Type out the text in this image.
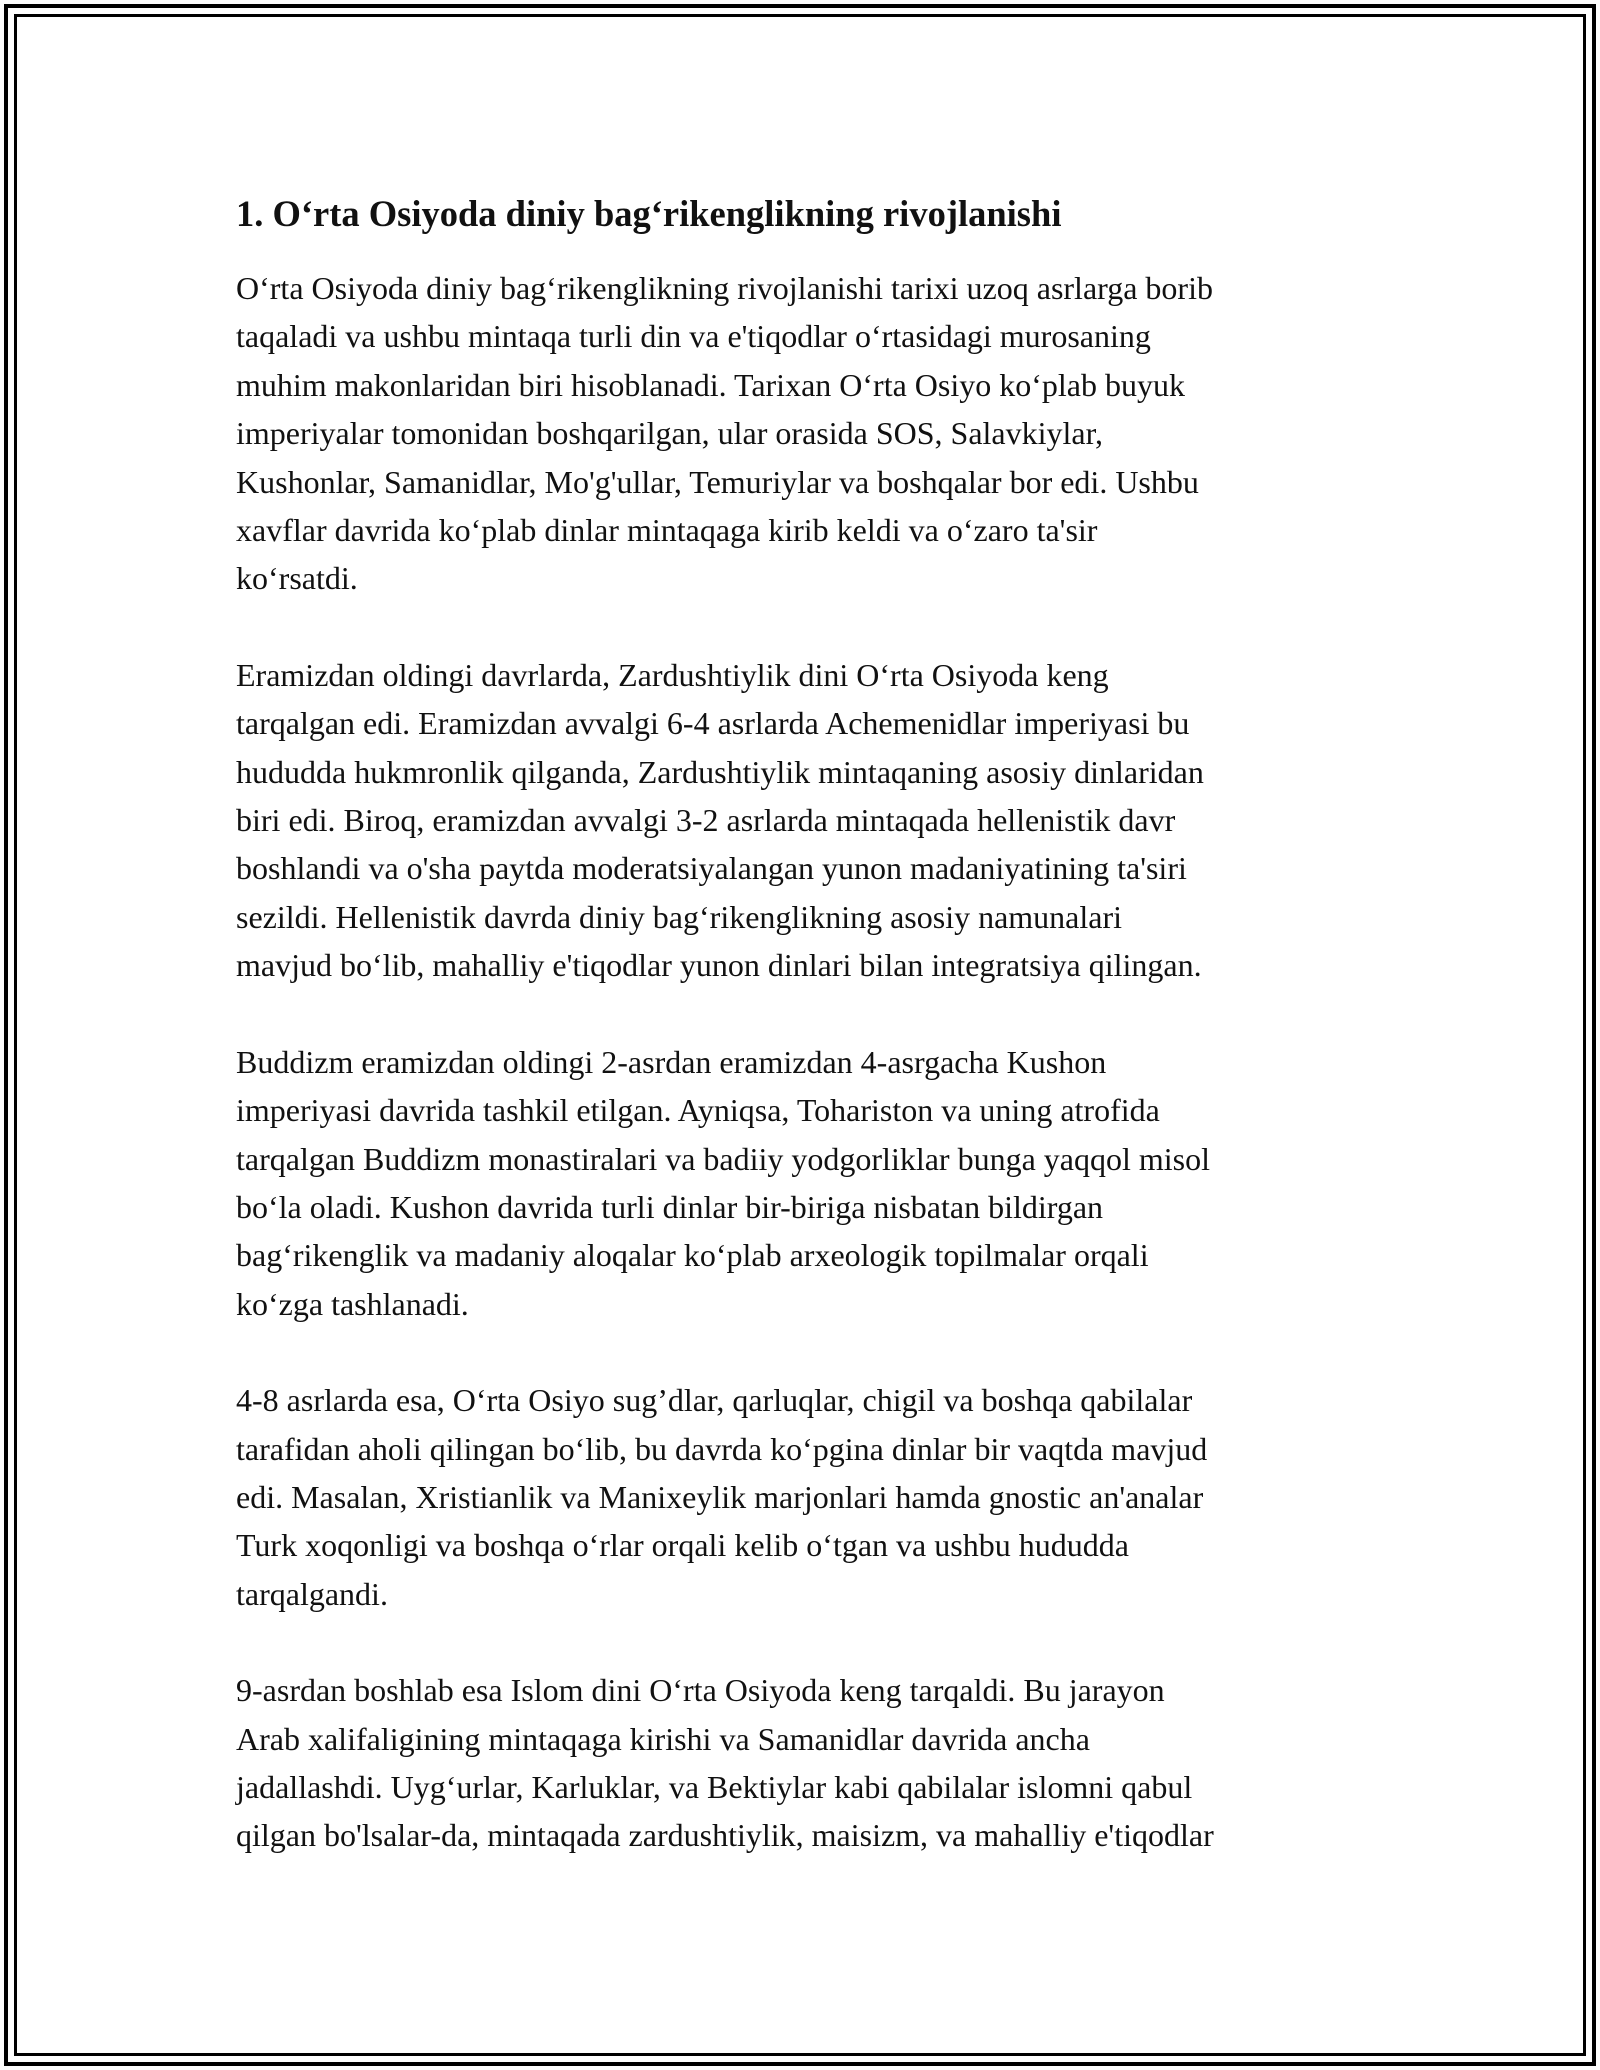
1. O‘rta Osiyoda diniy bag‘rikenglikning rivojlanishi

O‘rta Osiyoda diniy bag‘rikenglikning rivojlanishi tarixi uzoq asrlarga borib
taqaladi va ushbu mintaqa turli din va e'tiqodlar o‘rtasidagi murosaning
muhim makonlaridan biri hisoblanadi. Tarixan O‘rta Osiyo ko‘plab buyuk
imperiyalar tomonidan boshqarilgan, ular orasida SOS, Salavkiylar,
Kushonlar, Samanidlar, Mo'g'ullar, Temuriylar va boshqalar bor edi. Ushbu
xavflar davrida ko‘plab dinlar mintaqaga kirib keldi va o‘zaro ta'sir
ko‘rsatdi.

Eramizdan oldingi davrlarda, Zardushtiylik dini O‘rta Osiyoda keng
tarqalgan edi. Eramizdan avvalgi 6-4 asrlarda Achemenidlar imperiyasi bu
hududda hukmronlik qilganda, Zardushtiylik mintaqaning asosiy dinlaridan
biri edi. Biroq, eramizdan avvalgi 3-2 asrlarda mintaqada hellenistik davr
boshlandi va o'sha paytda moderatsiyalangan yunon madaniyatining ta'siri
sezildi. Hellenistik davrda diniy bag‘rikenglikning asosiy namunalari
mavjud bo‘lib, mahalliy e'tiqodlar yunon dinlari bilan integratsiya qilingan.

Buddizm eramizdan oldingi 2-asrdan eramizdan 4-asrgacha Kushon
imperiyasi davrida tashkil etilgan. Ayniqsa, Tohariston va uning atrofida
tarqalgan Buddizm monastiralari va badiiy yodgorliklar bunga yaqqol misol
bo‘la oladi. Kushon davrida turli dinlar bir-biriga nisbatan bildirgan
bag‘rikenglik va madaniy aloqalar ko‘plab arxeologik topilmalar orqali
ko‘zga tashlanadi.

4-8 asrlarda esa, O‘rta Osiyo sug’dlar, qarluqlar, chigil va boshqa qabilalar
tarafidan aholi qilingan bo‘lib, bu davrda ko‘pgina dinlar bir vaqtda mavjud
edi. Masalan, Xristianlik va Manixeylik marjonlari hamda gnostic an'analar
Turk xoqonligi va boshqa o‘rlar orqali kelib o‘tgan va ushbu hududda
tarqalgandi.

9-asrdan boshlab esa Islom dini O‘rta Osiyoda keng tarqaldi. Bu jarayon
Arab xalifaligining mintaqaga kirishi va Samanidlar davrida ancha
jadallashdi. Uyg‘urlar, Karluklar, va Bektiylar kabi qabilalar islomni qabul
qilgan bo'lsalar-da, mintaqada zardushtiylik, maisizm, va mahalliy e'tiqodlar
